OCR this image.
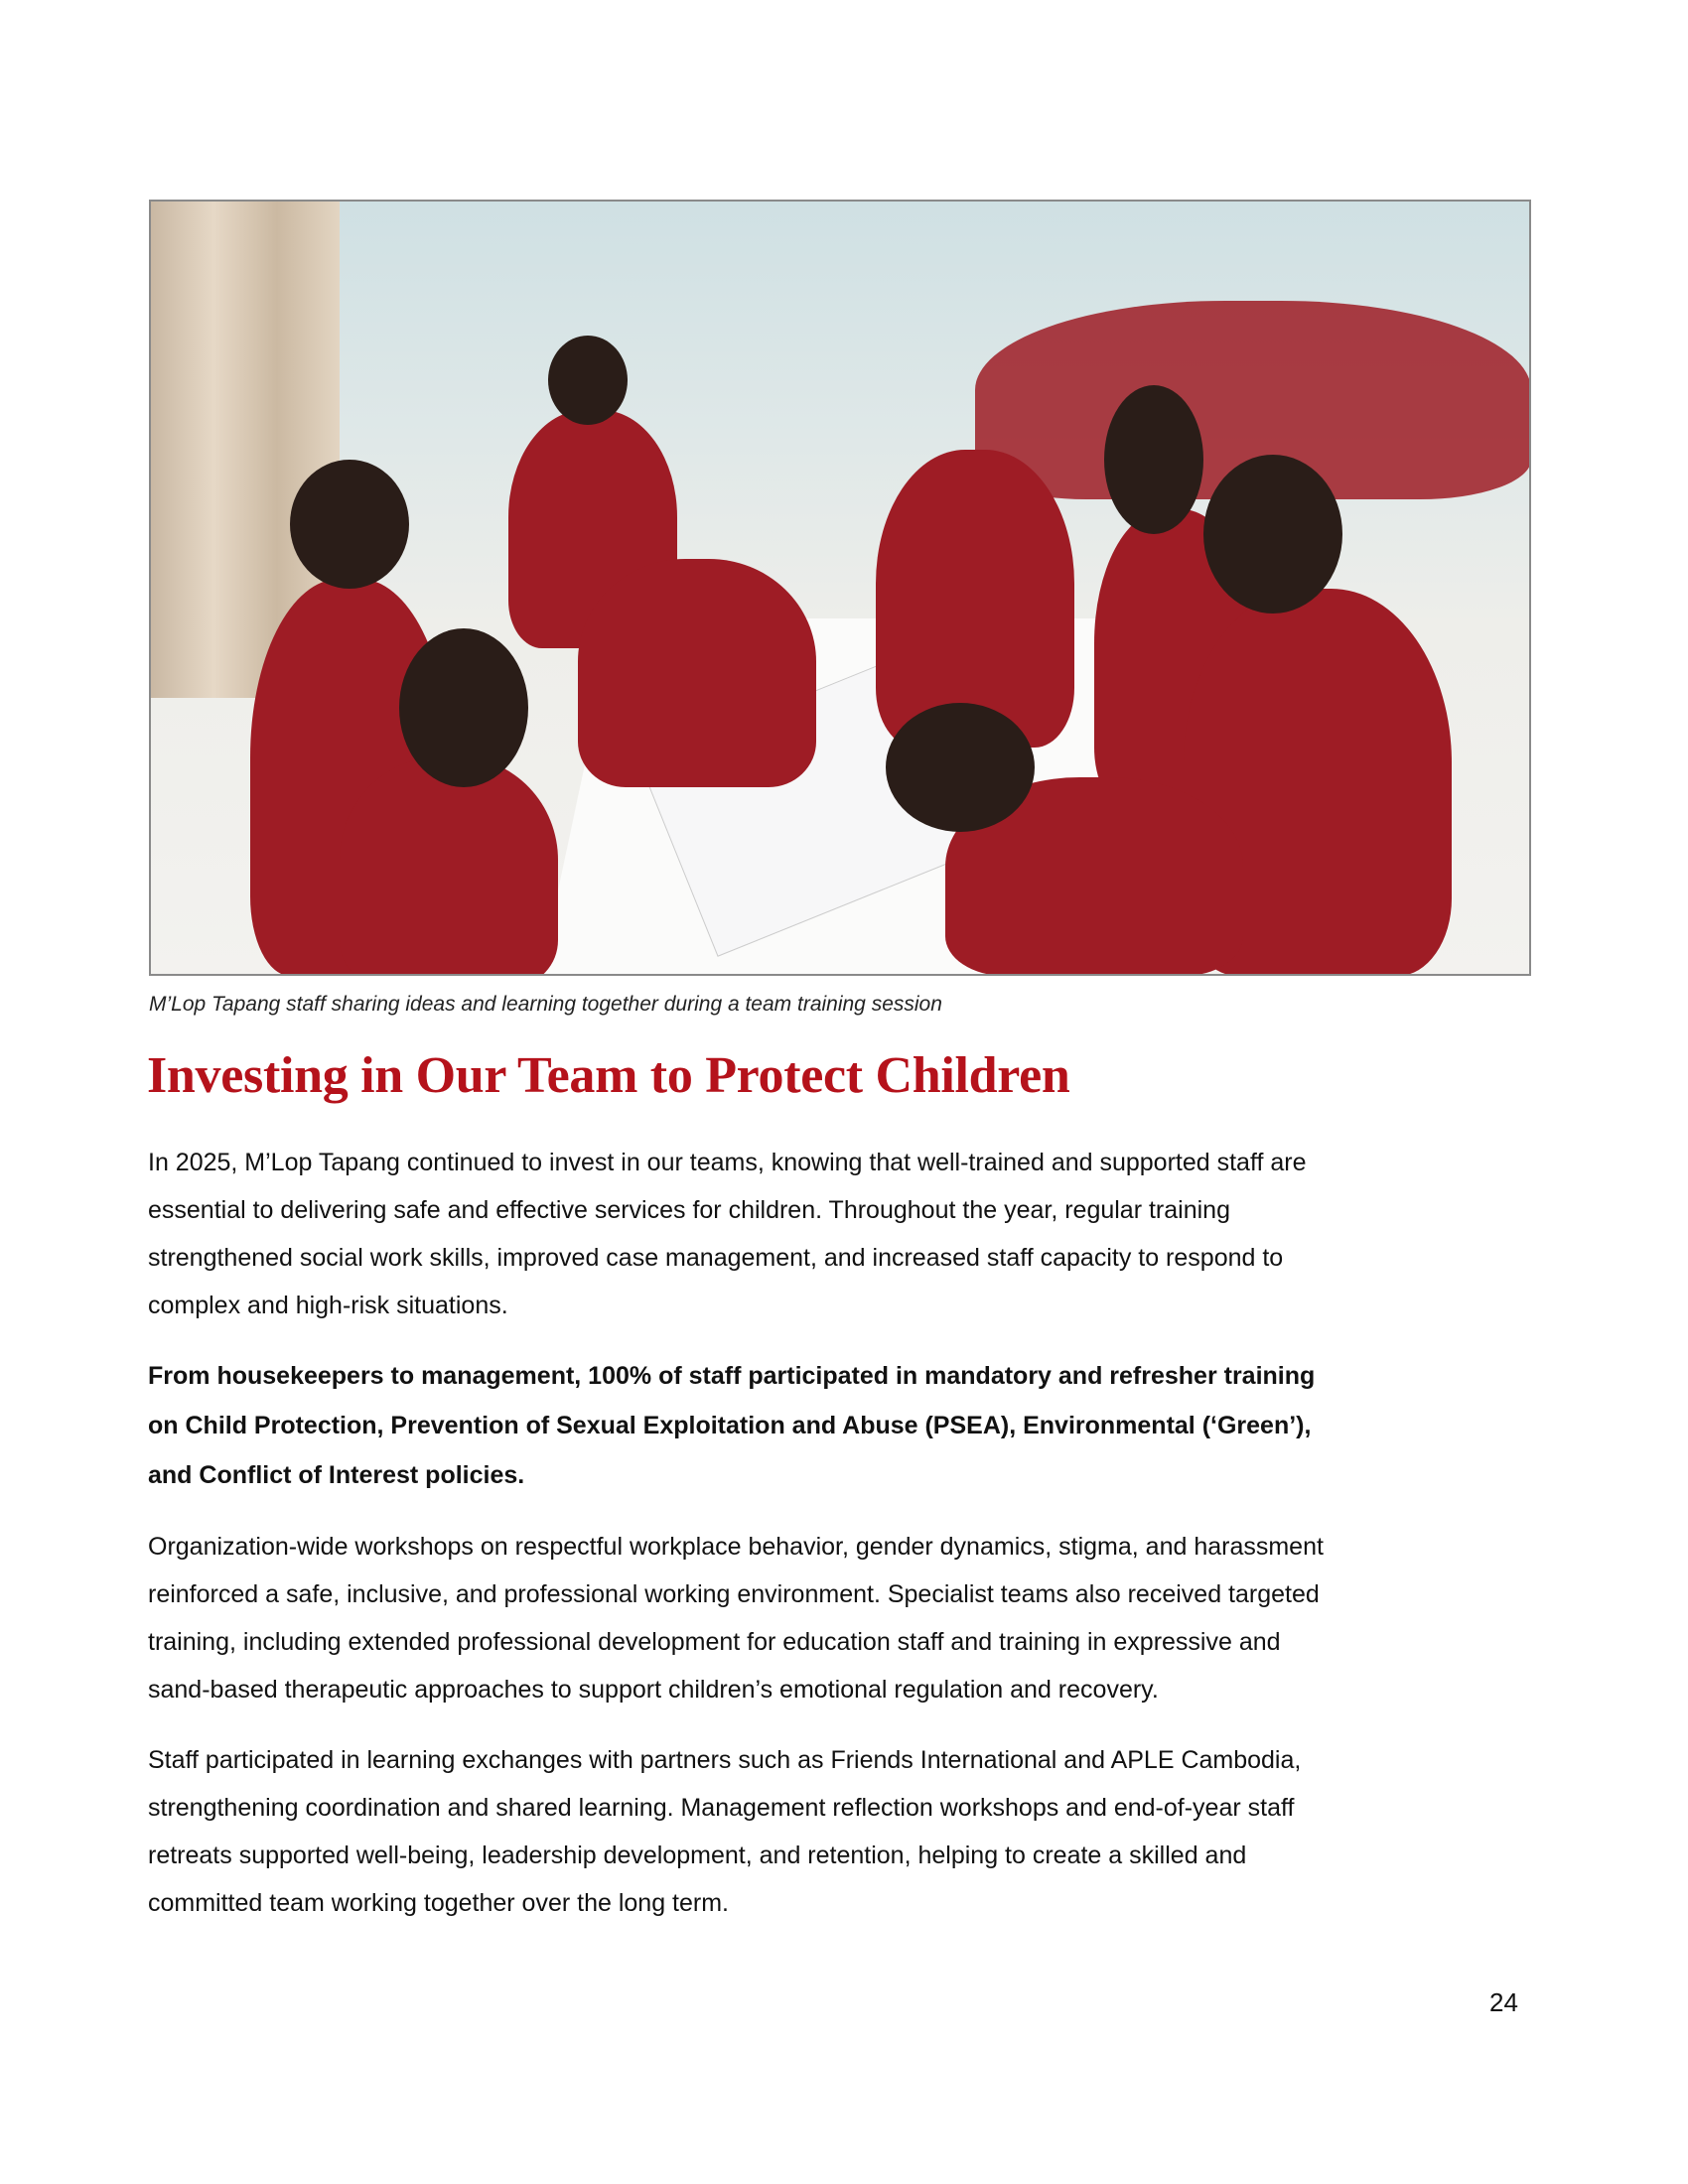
M’Lop Tapang staff sharing ideas and learning together during a team training session
Investing in Our Team to Protect Children
In 2025, M’Lop Tapang continued to invest in our teams, knowing that well-trained and supported staff are
essential to delivering safe and effective services for children. Throughout the year, regular training
strengthened social work skills, improved case management, and increased staff capacity to respond to
complex and high-risk situations.
From housekeepers to management, 100% of staff participated in mandatory and refresher training
on Child Protection, Prevention of Sexual Exploitation and Abuse (PSEA), Environmental (‘Green’),
and Conflict of Interest policies.
Organization-wide workshops on respectful workplace behavior, gender dynamics, stigma, and harassment
reinforced a safe, inclusive, and professional working environment. Specialist teams also received targeted
training, including extended professional development for education staff and training in expressive and
sand-based therapeutic approaches to support children’s emotional regulation and recovery.
Staff participated in learning exchanges with partners such as Friends International and APLE Cambodia,
strengthening coordination and shared learning. Management reflection workshops and end-of-year staff
retreats supported well-being, leadership development, and retention, helping to create a skilled and
committed team working together over the long term.
24
